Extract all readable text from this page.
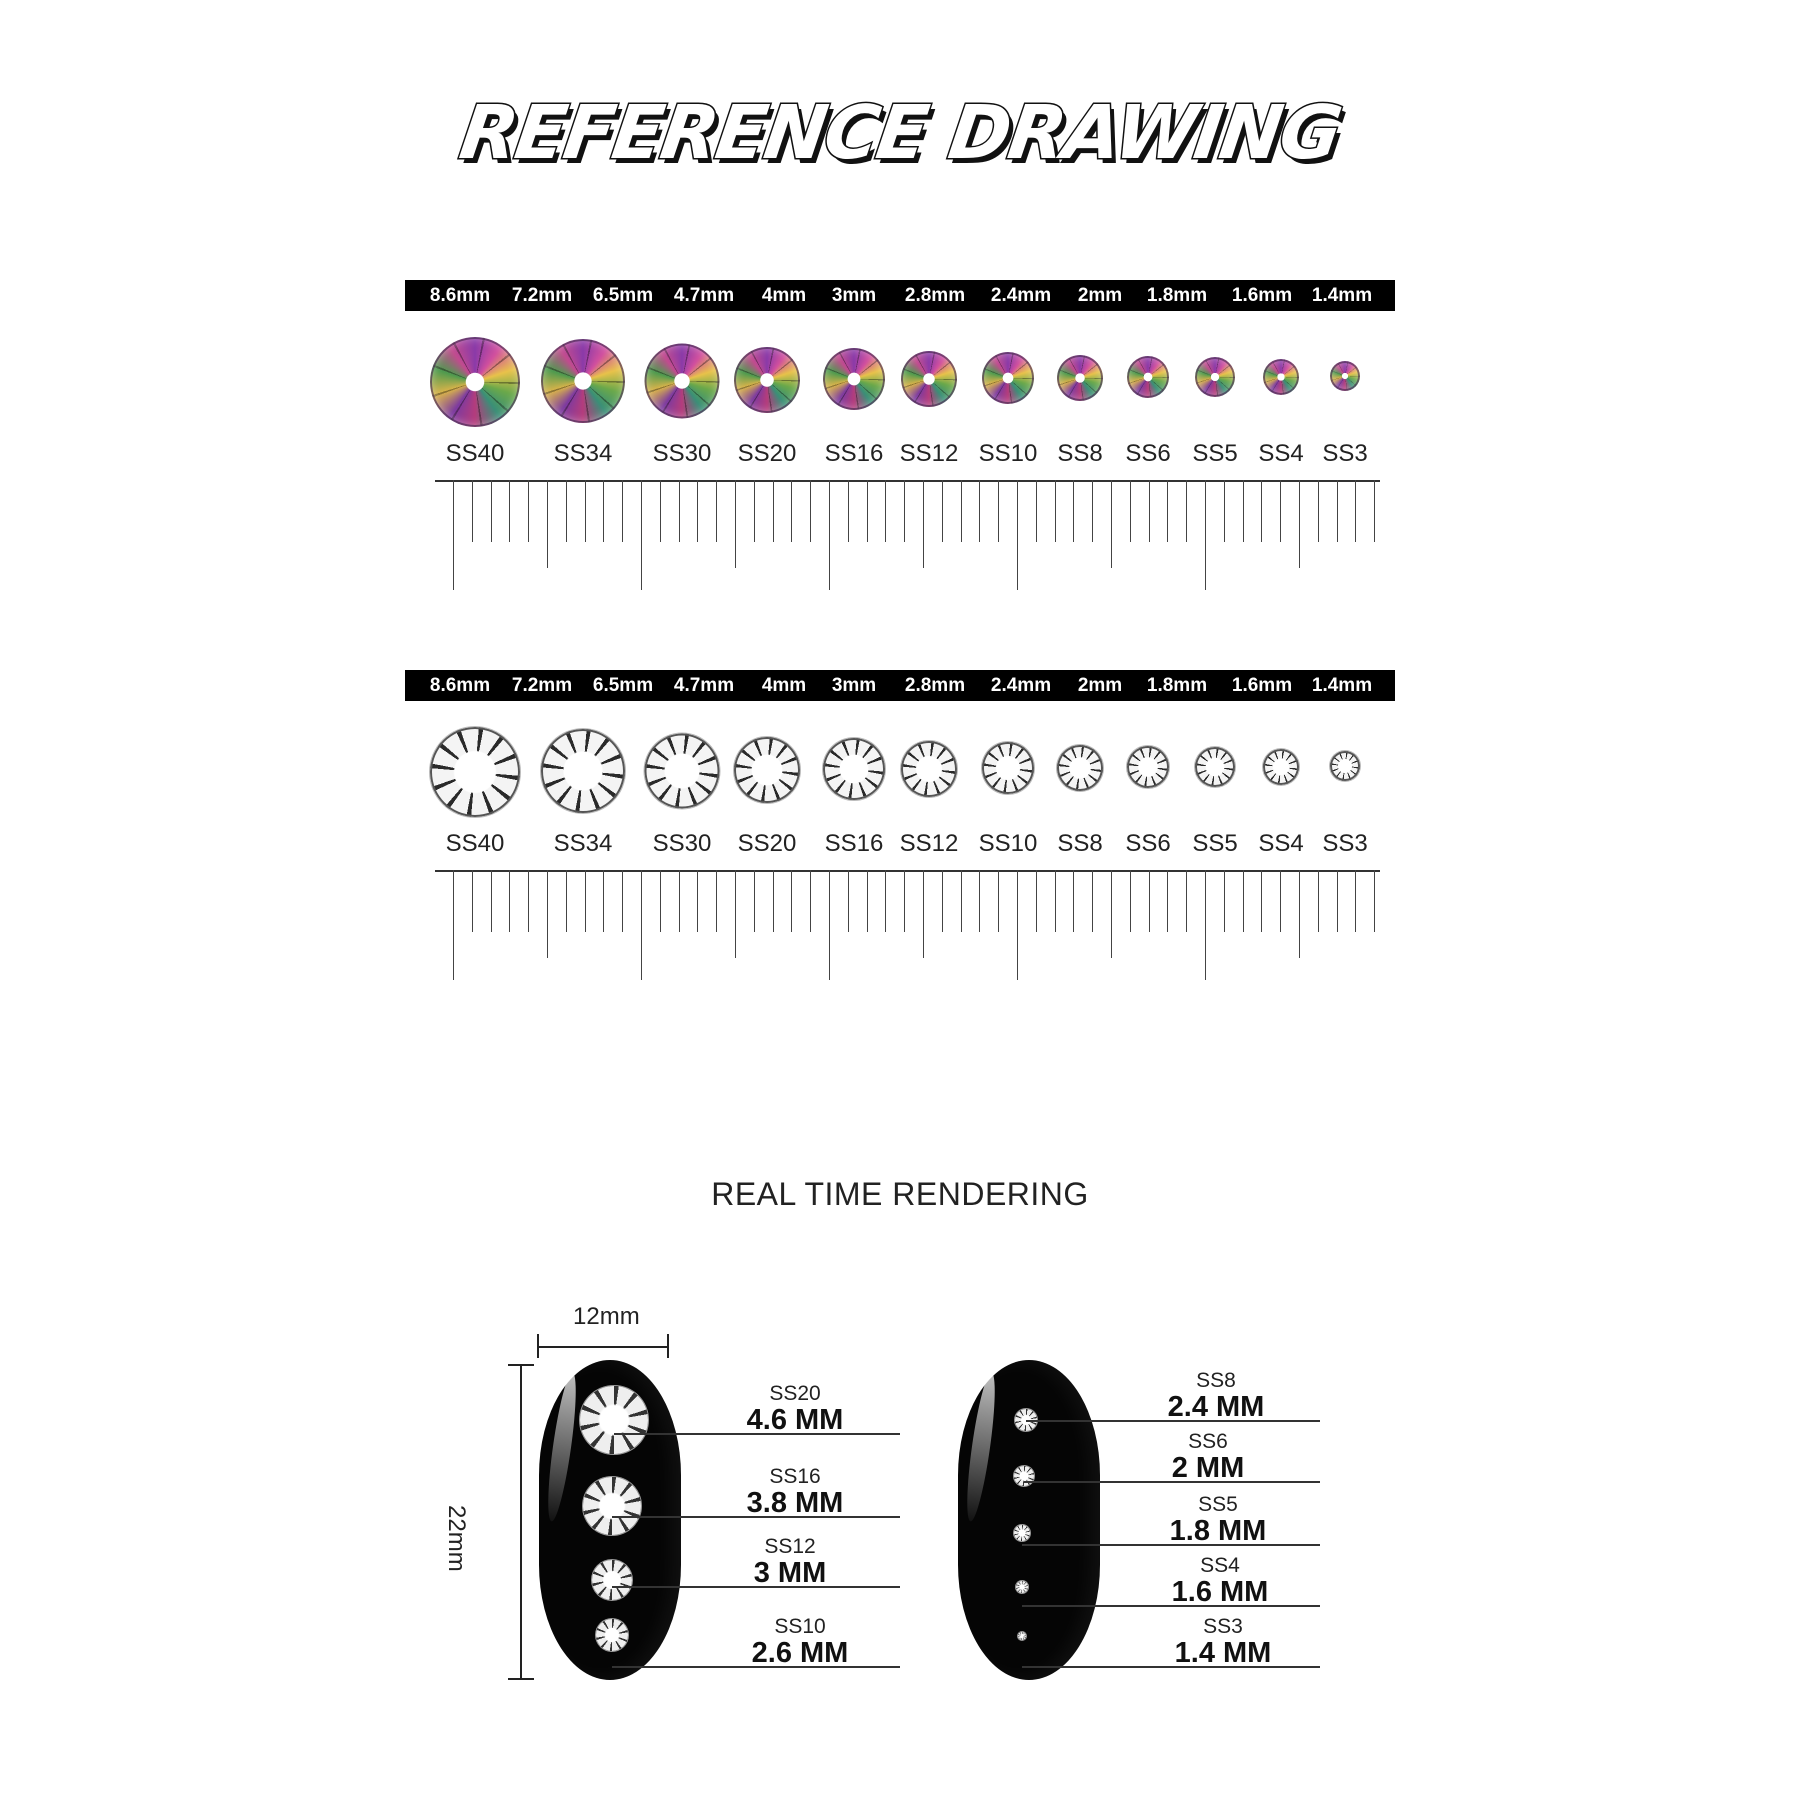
REFERENCE DRAWING
8.6mm 7.2mm 6.5mm 4.7mm 4mm 3mm 2.8mm 2.4mm 2mm 1.8mm 1.6mm 1.4mm
SS40 SS34 SS30 SS20 SS16 SS12 SS10 SS8 SS6 SS5 SS4 SS3
8.6mm 7.2mm 6.5mm 4.7mm 4mm 3mm 2.8mm 2.4mm 2mm 1.8mm 1.6mm 1.4mm
SS40 SS34 SS30 SS20 SS16 SS12 SS10 SS8 SS6 SS5 SS4 SS3
REAL TIME RENDERING
12mm
22mm
SS20
4.6 MM
SS16
3.8 MM
SS12
3 MM
SS10
2.6 MM
SS8
2.4 MM
SS6
2 MM
SS5
1.8 MM
SS4
1.6 MM
SS3
1.4 MM
